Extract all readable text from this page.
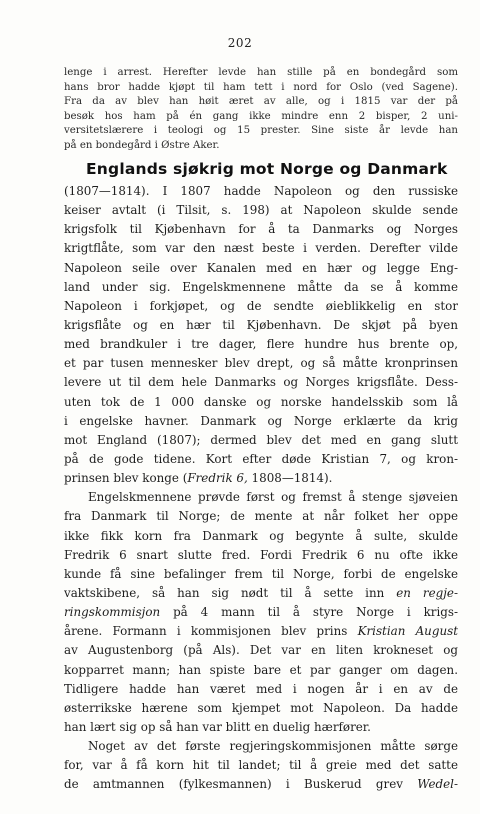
202
lenge i arrest. Herefter levde han stille på en bondegård som
hans bror hadde kjøpt til ham tett i nord for Oslo (ved Sagene).
Fra da av blev han høit æret av alle, og i 1815 var der på
besøk hos ham på én gang ikke mindre enn 2 bisper, 2 uni-
versitetslærere i teologi og 15 prester. Sine siste år levde han
på en bondegård i Østre Aker.
Englands sjøkrig mot Norge og Danmark
(1807—1814). I 1807 hadde Napoleon og den russiske
keiser avtalt (i Tilsit, s. 198) at Napoleon skulde sende
krigsfolk til Kjøbenhavn for å ta Danmarks og Norges
krigtflåte, som var den næst beste i verden. Derefter vilde
Napoleon seile over Kanalen med en hær og legge Eng-
land under sig. Engelskmennene måtte da se å komme
Napoleon i forkjøpet, og de sendte øieblikkelig en stor
krigsflåte og en hær til Kjøbenhavn. De skjøt på byen
med brandkuler i tre dager, flere hundre hus brente op,
et par tusen mennesker blev drept, og så måtte kronprinsen
levere ut til dem hele Danmarks og Norges krigsflåte. Dess-
uten tok de 1 000 danske og norske handelsskib som lå
i engelske havner. Danmark og Norge erklærte da krig
mot England (1807); dermed blev det med en gang slutt
på de gode tidene. Kort efter døde Kristian 7, og kron-
prinsen blev konge (Fredrik 6, 1808—1814).
Engelskmennene prøvde først og fremst å stenge sjøveien
fra Danmark til Norge; de mente at når folket her oppe
ikke fikk korn fra Danmark og begynte å sulte, skulde
Fredrik 6 snart slutte fred. Fordi Fredrik 6 nu ofte ikke
kunde få sine befalinger frem til Norge, forbi de engelske
vaktskibene, så han sig nødt til å sette inn en regje-
ringskommisjon på 4 mann til å styre Norge i krigs-
årene. Formann i kommisjonen blev prins Kristian August
av Augustenborg (på Als). Det var en liten krokneset og
kopparret mann; han spiste bare et par ganger om dagen.
Tidligere hadde han været med i nogen år i en av de
østerrikske hærene som kjempet mot Napoleon. Da hadde
han lært sig op så han var blitt en duelig hærfører.
Noget av det første regjeringskommisjonen måtte sørge
for, var å få korn hit til landet; til å greie med det satte
de amtmannen (fylkesmannen) i Buskerud grev Wedel-
